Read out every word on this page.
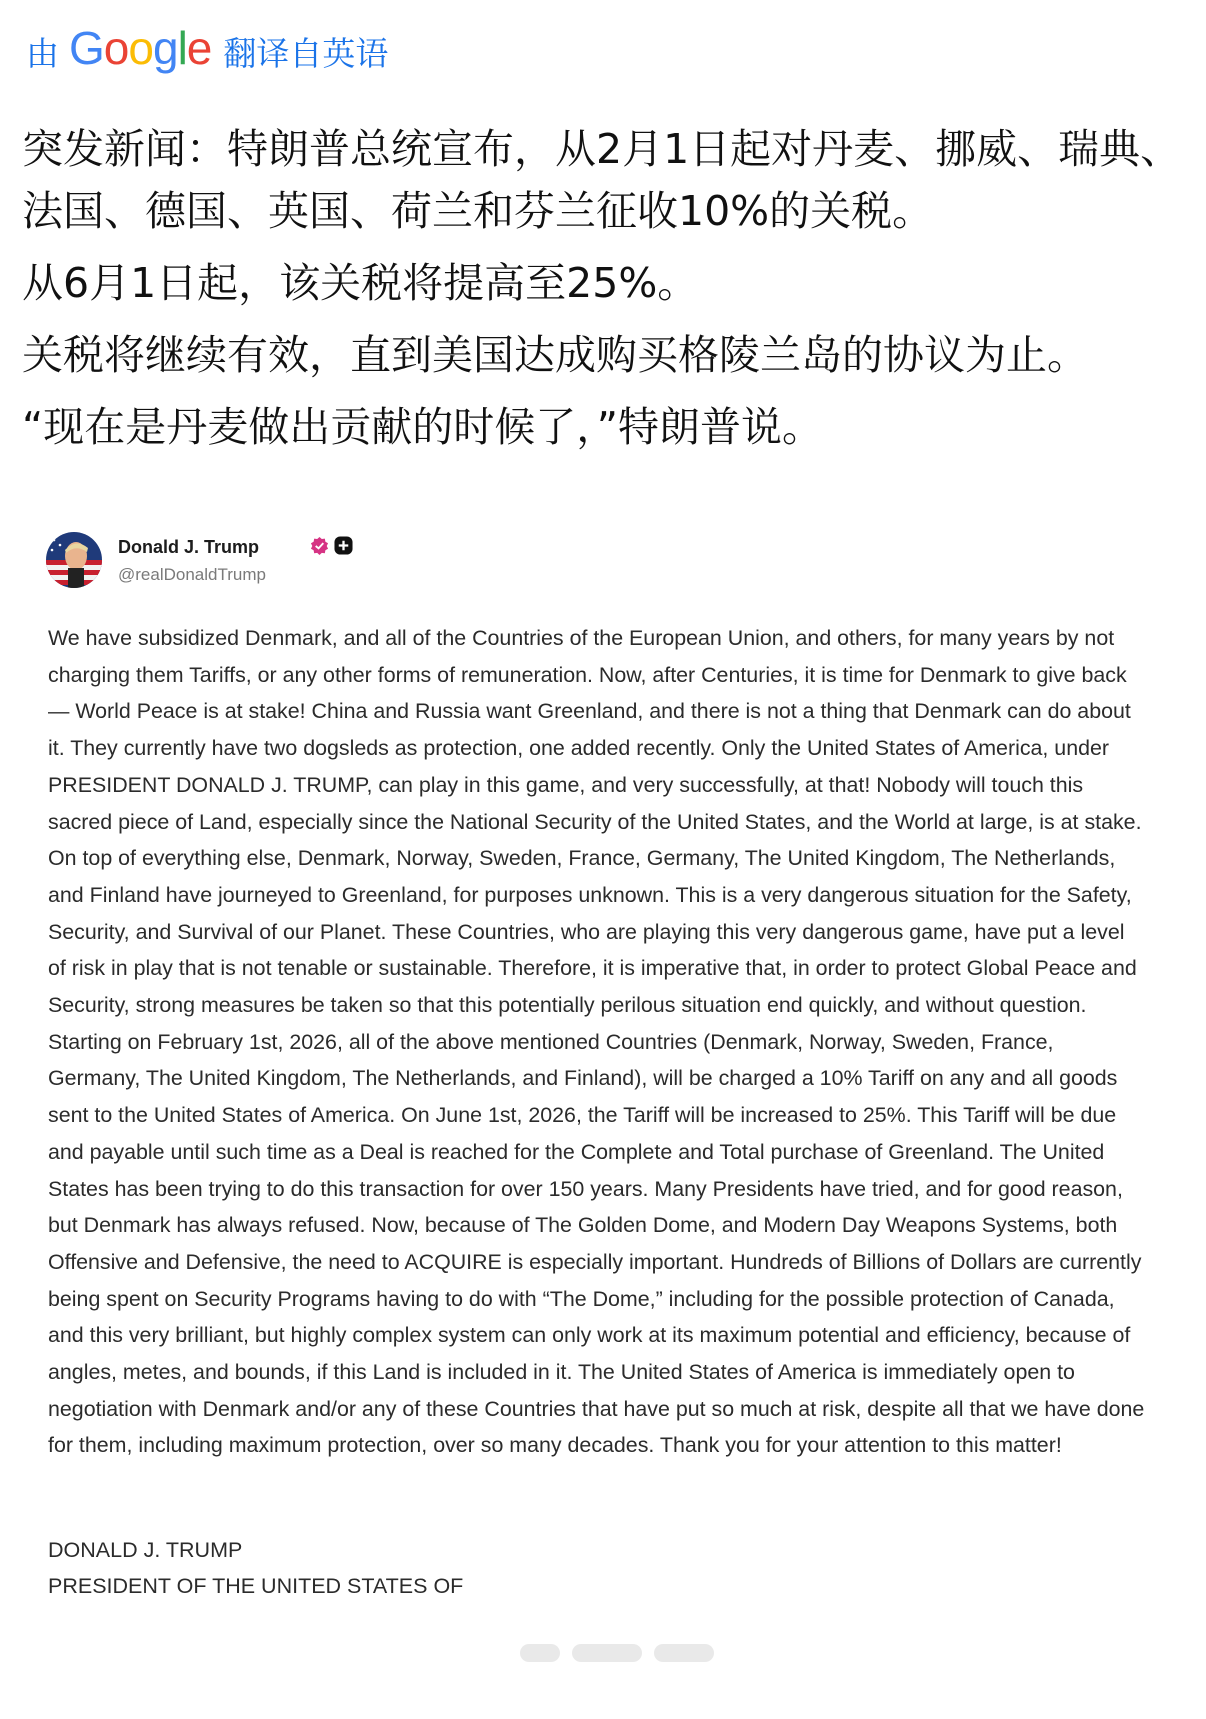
由 Google 翻译自英语

突发新闻：特朗普总统宣布，从2月1日起对丹麦、挪威、瑞典、法国、德国、英国、荷兰和芬兰征收10%的关税。

从6月1日起，该关税将提高至25%。

关税将继续有效，直到美国达成购买格陵兰岛的协议为止。

“现在是丹麦做出贡献的时候了，”特朗普说。

Donald J. Trump
@realDonaldTrump

We have subsidized Denmark, and all of the Countries of the European Union, and others, for many years by not charging them Tariffs, or any other forms of remuneration. Now, after Centuries, it is time for Denmark to give back — World Peace is at stake! China and Russia want Greenland, and there is not a thing that Denmark can do about it. They currently have two dogsleds as protection, one added recently. Only the United States of America, under PRESIDENT DONALD J. TRUMP, can play in this game, and very successfully, at that! Nobody will touch this sacred piece of Land, especially since the National Security of the United States, and the World at large, is at stake. On top of everything else, Denmark, Norway, Sweden, France, Germany, The United Kingdom, The Netherlands, and Finland have journeyed to Greenland, for purposes unknown. This is a very dangerous situation for the Safety, Security, and Survival of our Planet. These Countries, who are playing this very dangerous game, have put a level of risk in play that is not tenable or sustainable. Therefore, it is imperative that, in order to protect Global Peace and Security, strong measures be taken so that this potentially perilous situation end quickly, and without question. Starting on February 1st, 2026, all of the above mentioned Countries (Denmark, Norway, Sweden, France, Germany, The United Kingdom, The Netherlands, and Finland), will be charged a 10% Tariff on any and all goods sent to the United States of America. On June 1st, 2026, the Tariff will be increased to 25%. This Tariff will be due and payable until such time as a Deal is reached for the Complete and Total purchase of Greenland. The United States has been trying to do this transaction for over 150 years. Many Presidents have tried, and for good reason, but Denmark has always refused. Now, because of The Golden Dome, and Modern Day Weapons Systems, both Offensive and Defensive, the need to ACQUIRE is especially important. Hundreds of Billions of Dollars are currently being spent on Security Programs having to do with “The Dome,” including for the possible protection of Canada, and this very brilliant, but highly complex system can only work at its maximum potential and efficiency, because of angles, metes, and bounds, if this Land is included in it. The United States of America is immediately open to negotiation with Denmark and/or any of these Countries that have put so much at risk, despite all that we have done for them, including maximum protection, over so many decades. Thank you for your attention to this matter!

DONALD J. TRUMP
PRESIDENT OF THE UNITED STATES OF
